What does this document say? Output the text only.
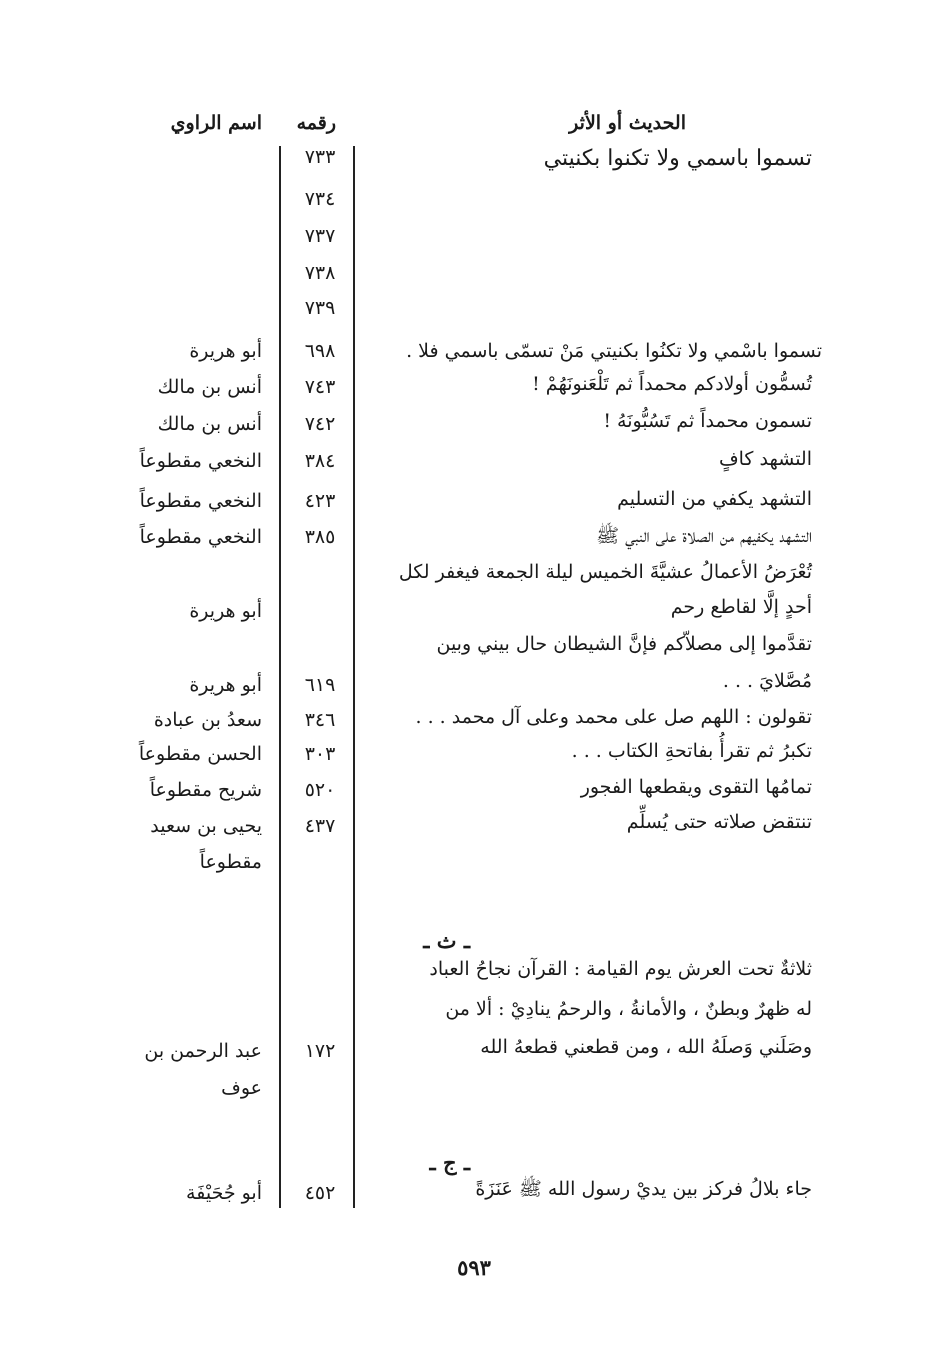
الحديث أو الأثر
رقمه
اسم الراوي
تسموا باسمي ولا تكنوا بكنيتي
٧٣٣
٧٣٤
٧٣٧
٧٣٨
٧٣٩
تسموا باسْمي ولا تكنُوا بكنيتي مَنْ تسمّى باسمي فلا .
٦٩٨
أبو هريرة
تُسمُّون أولادكم محمداً ثم تَلْعَنونَهُمْ !
٧٤٣
أنس بن مالك
تسمون محمداً ثم تَسُبُّونَهُ !
٧٤٢
أنس بن مالك
التشهد كافٍ
٣٨٤
النخعي مقطوعاً
التشهد يكفي من التسليم
٤٢٣
النخعي مقطوعاً
التشهد يكفيهم من الصلاة على النبي ﷺ
٣٨٥
النخعي مقطوعاً
تُعْرَضُ الأعمالُ عشيَّةَ الخميس ليلة الجمعة فيغفر لكل
أحدٍ إلَّا لقاطع رحم
أبو هريرة
تقدَّموا إلى مصلاّكم فإنَّ الشيطان حال بيني وبين
مُصَّلايَ . . .
٦١٩
أبو هريرة
تقولون : اللهم صل على محمد وعلى آل محمد . . .
٣٤٦
سعدُ بن عبادة
تكبرُ ثم تقرأُ بفاتحةِ الكتاب . . .
٣٠٣
الحسن مقطوعاً
تمامُها التقوى ويقطعها الفجور
٥٢٠
شريح مقطوعاً
تنتقض صلاته حتى يُسلِّم
٤٣٧
يحيى بن سعيد
مقطوعاً
ـ ث ـ
ثلاثةٌ تحت العرش يوم القيامة : القرآن نجاحُ العباد
له ظهرٌ وبطنٌ ، والأمانةُ ، والرحمُ ينادِيْ : ألا من
وصَلَني وَصلَهُ الله ، ومن قطعني قطعهُ الله
١٧٢
عبد الرحمن بن
عوف
ـ ج ـ
جاء بلالُ فركز بين يديْ رسول الله ﷺ عَنَزَةً
٤٥٢
أبو جُحَيْفَة
٥٩٣
